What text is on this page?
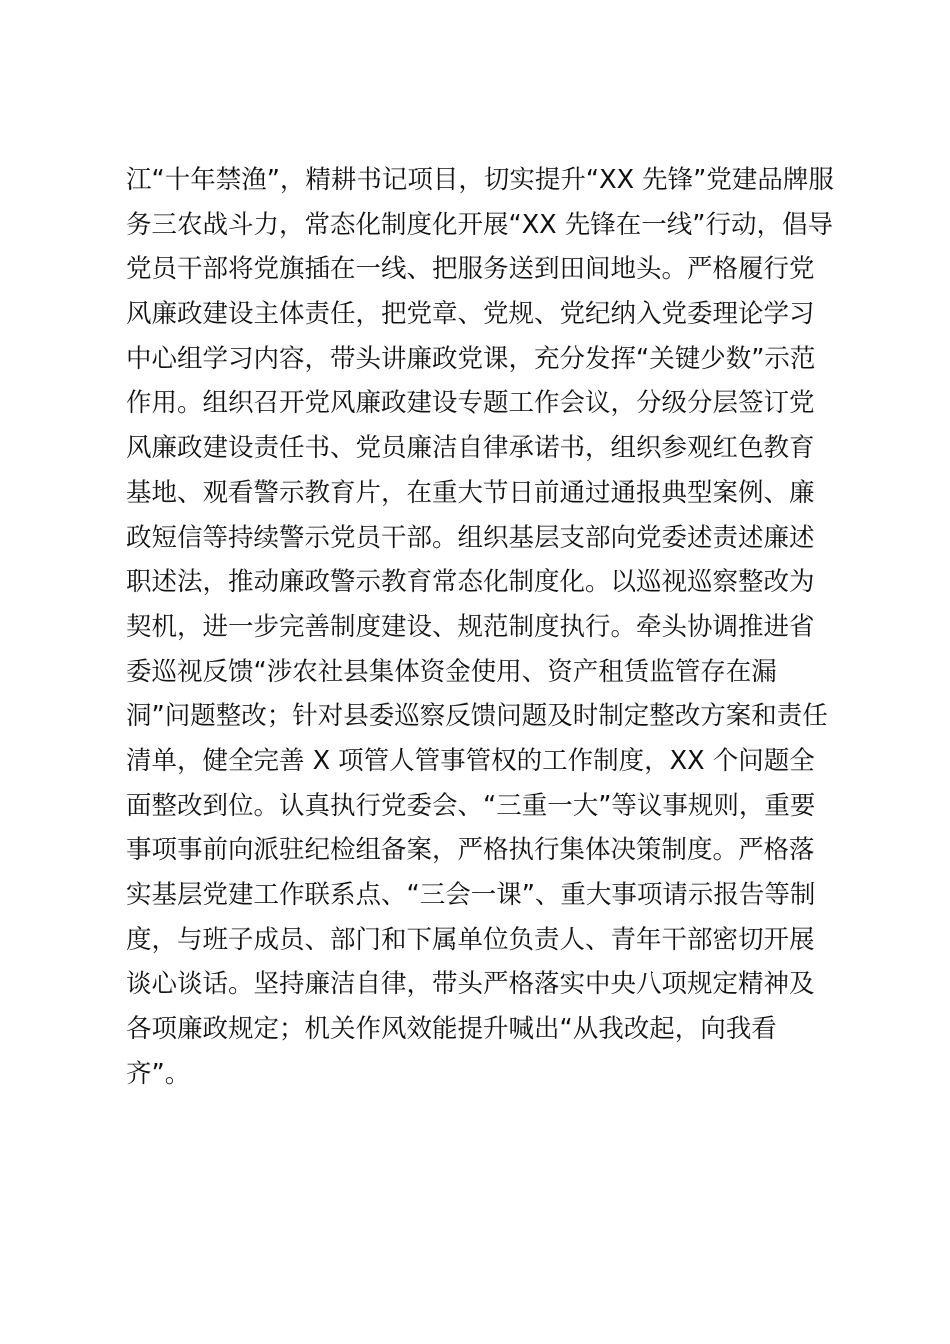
江“十年禁渔”，精耕书记项目，切实提升“XX 先锋”党建品牌服
务三农战斗力，常态化制度化开展“XX 先锋在一线”行动，倡导
党员干部将党旗插在一线、把服务送到田间地头。严格履行党
风廉政建设主体责任，把党章、党规、党纪纳入党委理论学习
中心组学习内容，带头讲廉政党课，充分发挥“关键少数”示范
作用。组织召开党风廉政建设专题工作会议，分级分层签订党
风廉政建设责任书、党员廉洁自律承诺书，组织参观红色教育
基地、观看警示教育片，在重大节日前通过通报典型案例、廉
政短信等持续警示党员干部。组织基层支部向党委述责述廉述
职述法，推动廉政警示教育常态化制度化。以巡视巡察整改为
契机，进一步完善制度建设、规范制度执行。牵头协调推进省
委巡视反馈“涉农社县集体资金使用、资产租赁监管存在漏
洞”问题整改；针对县委巡察反馈问题及时制定整改方案和责任
清单，健全完善 X 项管人管事管权的工作制度，XX 个问题全
面整改到位。认真执行党委会、“三重一大”等议事规则，重要
事项事前向派驻纪检组备案，严格执行集体决策制度。严格落
实基层党建工作联系点、“三会一课”、重大事项请示报告等制
度，与班子成员、部门和下属单位负责人、青年干部密切开展
谈心谈话。坚持廉洁自律，带头严格落实中央八项规定精神及
各项廉政规定；机关作风效能提升喊出“从我改起，向我看
齐”。
